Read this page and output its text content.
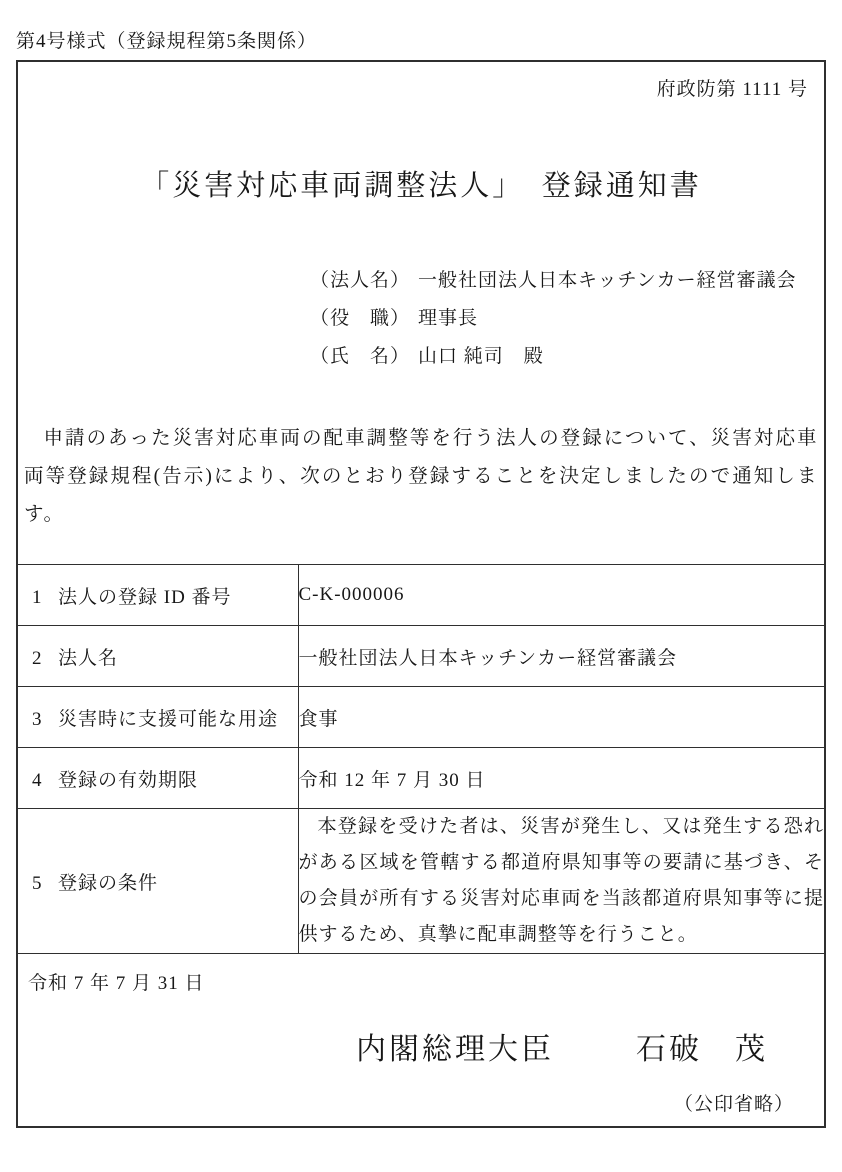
第4号様式（登録規程第5条関係）
府政防第 1111 号
「災害対応車両調整法人」　登録通知書
（法人名） 一般社団法人日本キッチンカー経営審議会
（役　職） 理事長
（氏　名） 山口 純司　殿
申請のあった災害対応車両の配車調整等を行う法人の登録について、災害対応車両等登録規程(告示)により、次のとおり登録することを決定しましたので通知します。
1 法人の登録 ID 番号	C-K-000006
2 法人名	一般社団法人日本キッチンカー経営審議会
3 災害時に支援可能な用途	食事
4 登録の有効期限	令和 12 年 7 月 30 日
5 登録の条件	本登録を受けた者は、災害が発生し、又は発生する恐れがある区域を管轄する都道府県知事等の要請に基づき、その会員が所有する災害対応車両を当該都道府県知事等に提供するため、真摯に配車調整等を行うこと。
令和 7 年 7 月 31 日
内閣総理大臣	石破　茂
（公印省略）
